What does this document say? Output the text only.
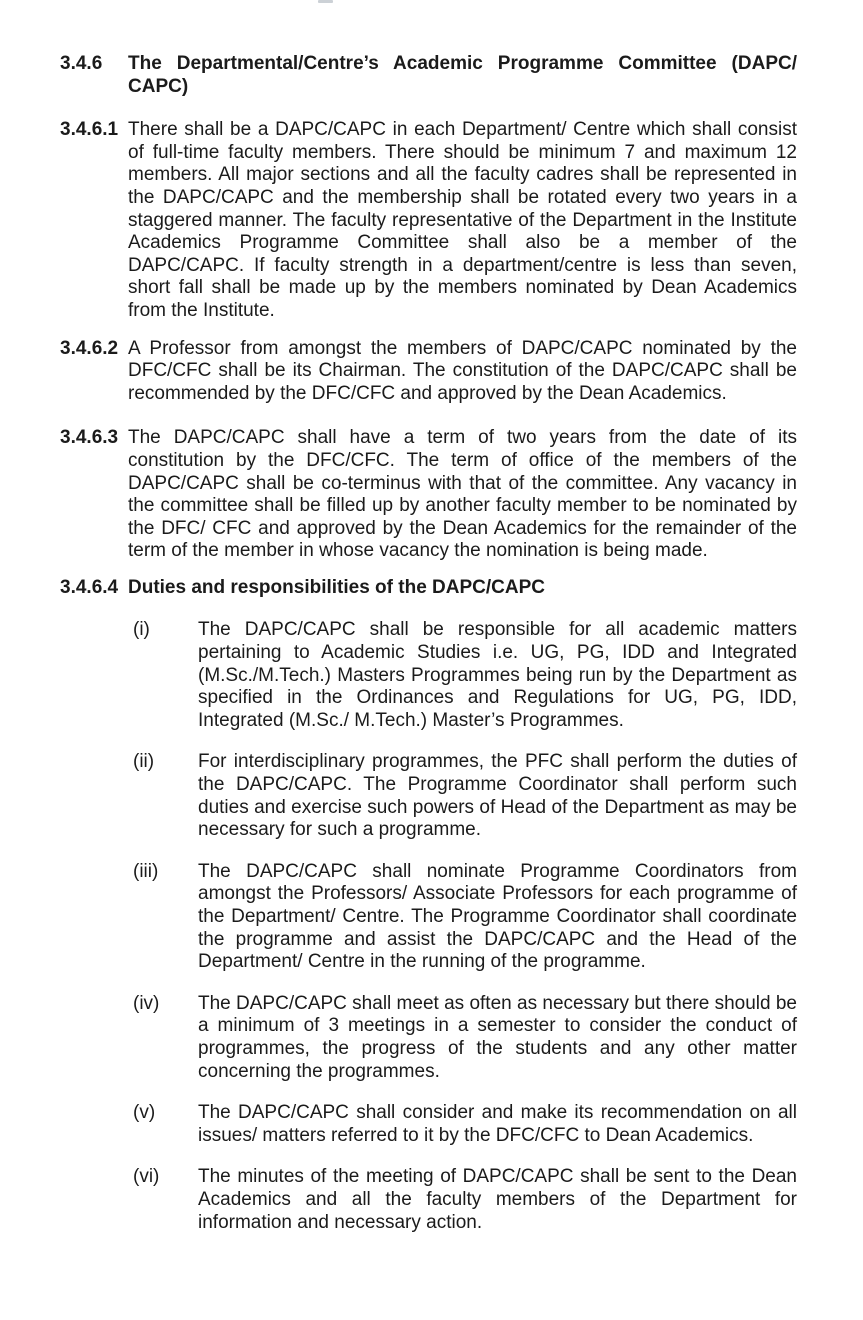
3.4.6 The Departmental/Centre’s Academic Programme Committee (DAPC/ CAPC)
3.4.6.1 There shall be a DAPC/CAPC in each Department/ Centre which shall consist of full-time faculty members. There should be minimum 7 and maximum 12 members. All major sections and all the faculty cadres shall be represented in the DAPC/CAPC and the membership shall be rotated every two years in a staggered manner. The faculty representative of the Department in the Institute Academics Programme Committee shall also be a member of the DAPC/CAPC. If faculty strength in a department/centre is less than seven, short fall shall be made up by the members nominated by Dean Academics from the Institute.
3.4.6.2 A Professor from amongst the members of DAPC/CAPC nominated by the DFC/CFC shall be its Chairman. The constitution of the DAPC/CAPC shall be recommended by the DFC/CFC and approved by the Dean Academics.
3.4.6.3 The DAPC/CAPC shall have a term of two years from the date of its constitution by the DFC/CFC. The term of office of the members of the DAPC/CAPC shall be co-terminus with that of the committee. Any vacancy in the committee shall be filled up by another faculty member to be nominated by the DFC/ CFC and approved by the Dean Academics for the remainder of the term of the member in whose vacancy the nomination is being made.
3.4.6.4 Duties and responsibilities of the DAPC/CAPC
(i)	The DAPC/CAPC shall be responsible for all academic matters pertaining to Academic Studies i.e. UG, PG, IDD and Integrated (M.Sc./M.Tech.) Masters Programmes being run by the Department as specified in the Ordinances and Regulations for UG, PG, IDD, Integrated (M.Sc./ M.Tech.) Master’s Programmes.
(ii) For interdisciplinary programmes, the PFC shall perform the duties of the DAPC/CAPC. The Programme Coordinator shall perform such duties and exercise such powers of Head of the Department as may be necessary for such a programme.
(iii) The DAPC/CAPC shall nominate Programme Coordinators from amongst the Professors/ Associate Professors for each programme of the Department/ Centre. The Programme Coordinator shall coordinate the programme and assist the DAPC/CAPC and the Head of the Department/ Centre in the running of the programme.
(iv) The DAPC/CAPC shall meet as often as necessary but there should be a minimum of 3 meetings in a semester to consider the conduct of programmes, the progress of the students and any other matter concerning the programmes.
(v) The DAPC/CAPC shall consider and make its recommendation on all issues/ matters referred to it by the DFC/CFC to Dean Academics.
(vi) The minutes of the meeting of DAPC/CAPC shall be sent to the Dean Academics and all the faculty members of the Department for information and necessary action.
